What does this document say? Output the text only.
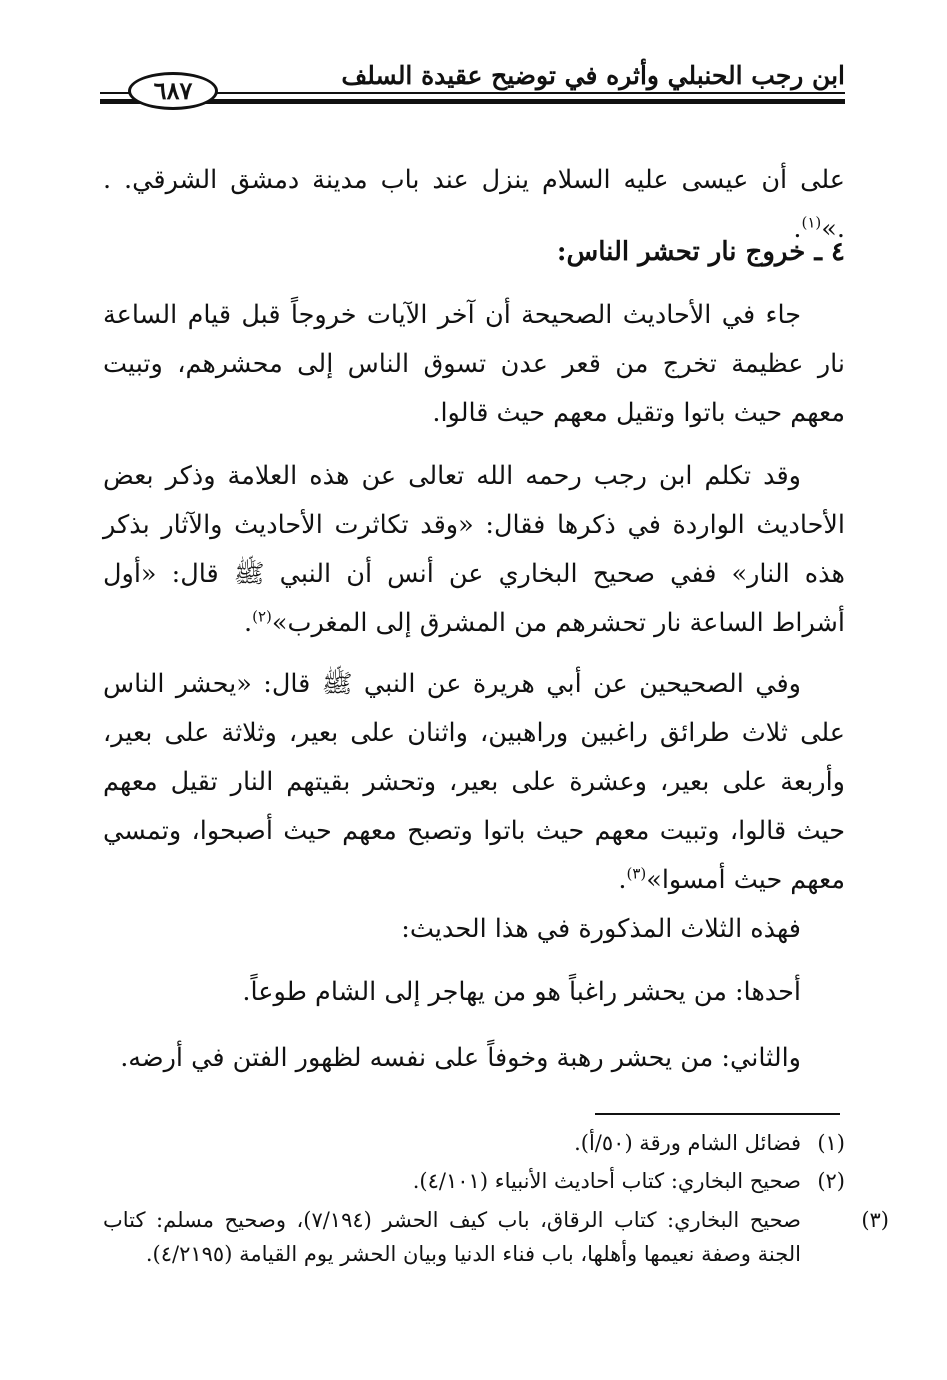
ابن رجب الحنبلي وأثره في توضيح عقيدة السلف
٦٨٧

على أن عيسى عليه السلام ينزل عند باب مدينة دمشق الشرقي. . .»$^{(١)}$.

٤ ـ خروج نار تحشر الناس:

جاء في الأحاديث الصحيحة أن آخر الآيات خروجاً قبل قيام الساعة نار عظيمة تخرج من قعر عدن تسوق الناس إلى محشرهم، وتبيت معهم حيث باتوا وتقيل معهم حيث قالوا.

وقد تكلم ابن رجب رحمه الله تعالى عن هذه العلامة وذكر بعض الأحاديث الواردة في ذكرها فقال: «وقد تكاثرت الأحاديث والآثار بذكر هذه النار» ففي صحيح البخاري عن أنس أن النبي ﷺ قال: «أول أشراط الساعة نار تحشرهم من المشرق إلى المغرب»$^{(٢)}$.

وفي الصحيحين عن أبي هريرة عن النبي ﷺ قال: «يحشر الناس على ثلاث طرائق راغبين وراهبين، واثنان على بعير، وثلاثة على بعير، وأربعة على بعير، وعشرة على بعير، وتحشر بقيتهم النار تقيل معهم حيث قالوا، وتبيت معهم حيث باتوا وتصبح معهم حيث أصبحوا، وتمسي معهم حيث أمسوا»$^{(٣)}$.

فهذه الثلاث المذكورة في هذا الحديث:

أحدها: من يحشر راغباً هو من يهاجر إلى الشام طوعاً.

والثاني: من يحشر رهبة وخوفاً على نفسه لظهور الفتن في أرضه.

(١)فضائل الشام ورقة (٥٠/أ).

(٢)صحيح البخاري: كتاب أحاديث الأنبياء (٤/١٠١).

(٣)صحيح البخاري: كتاب الرقاق، باب كيف الحشر (٧/١٩٤)، وصحيح مسلم: كتاب الجنة وصفة نعيمها وأهلها، باب فناء الدنيا وبيان الحشر يوم القيامة (٤/٢١٩٥).
